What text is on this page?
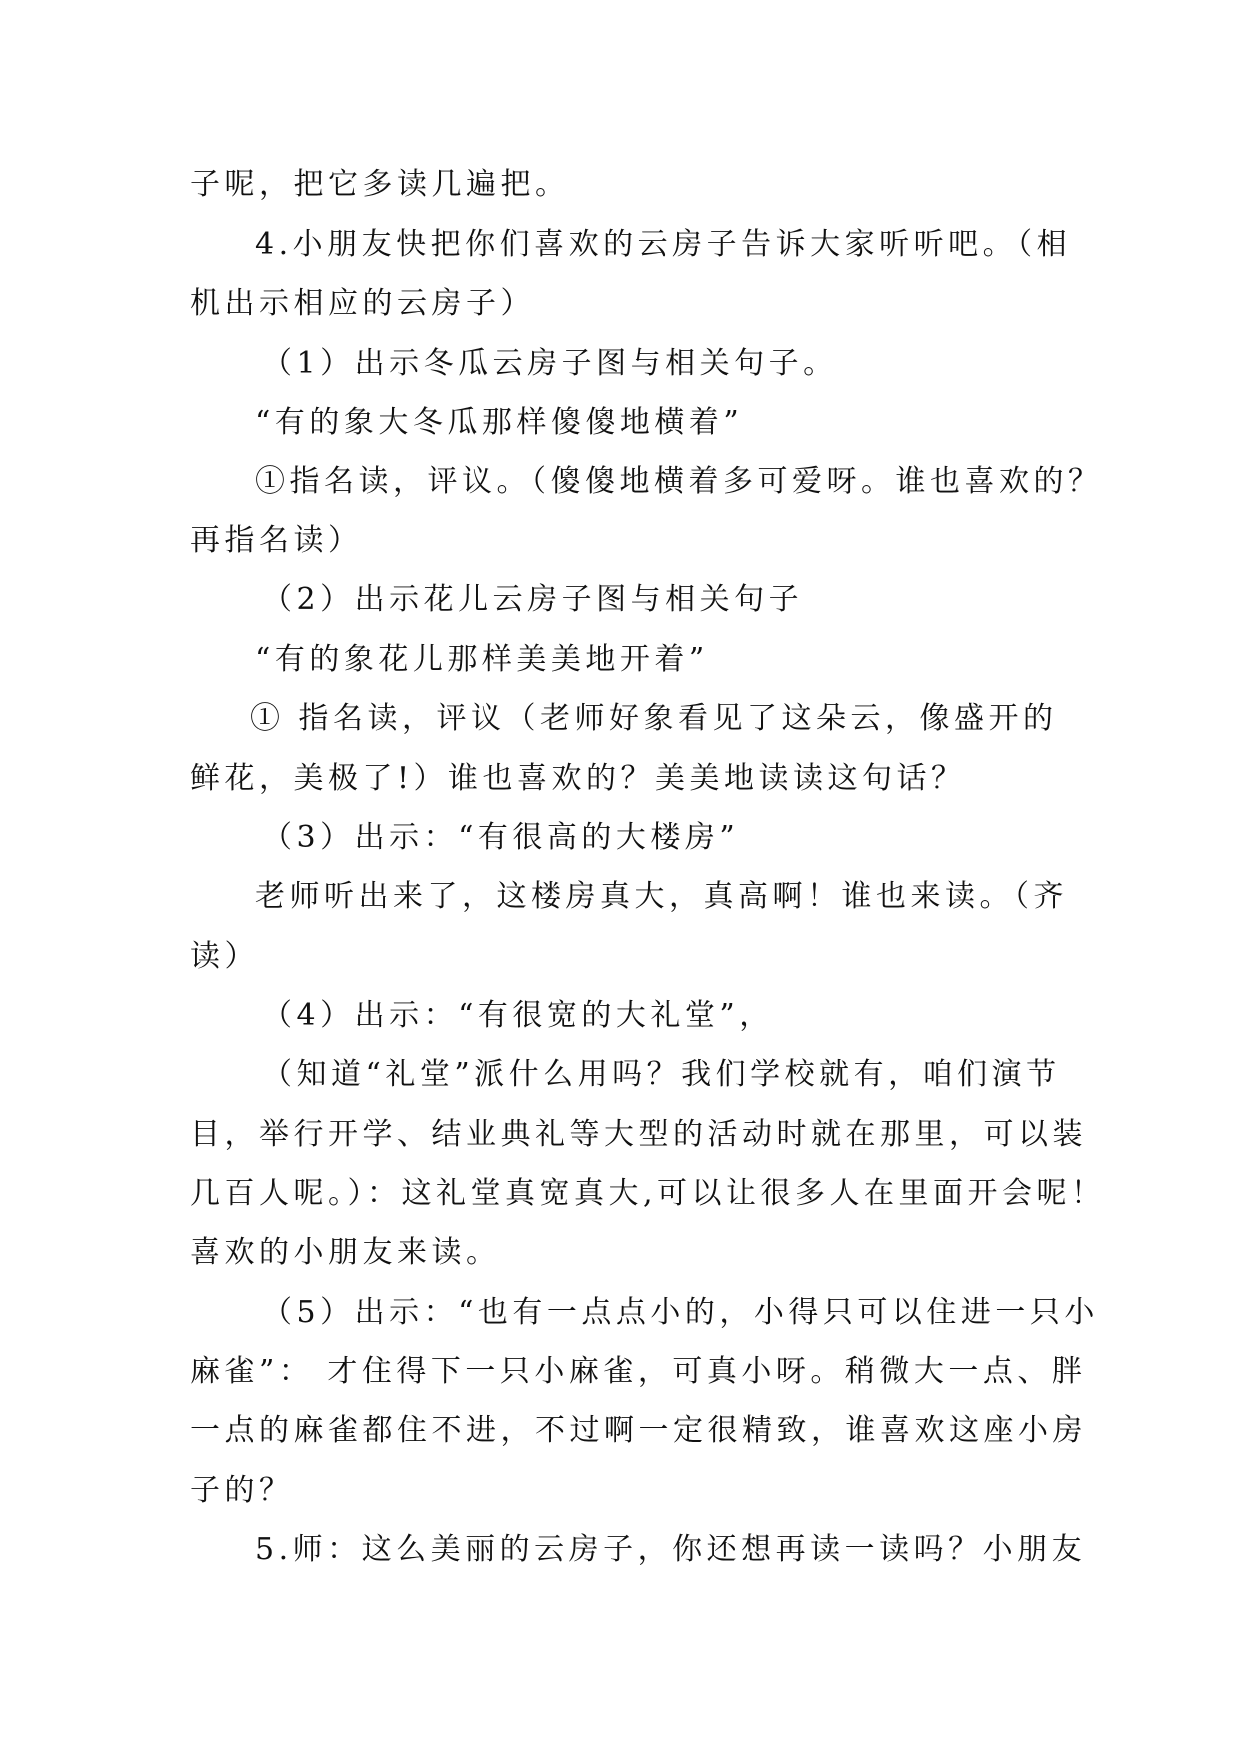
子呢，把它多读几遍把。
4.小朋友快把你们喜欢的云房子告诉大家听听吧。（相
机出示相应的云房子）
（1）出示冬瓜云房子图与相关句子。
“有的象大冬瓜那样傻傻地横着”
①指名读，评议。（傻傻地横着多可爱呀。谁也喜欢的？
再指名读）
（2）出示花儿云房子图与相关句子
“有的象花儿那样美美地开着”
① 指名读，评议（老师好象看见了这朵云，像盛开的
鲜花，美极了!）谁也喜欢的？美美地读读这句话？
（3）出示：“有很高的大楼房”
老师听出来了，这楼房真大，真高啊！谁也来读。（齐
读）
（4）出示：“有很宽的大礼堂”，
（知道“礼堂”派什么用吗？我们学校就有，咱们演节
目，举行开学、结业典礼等大型的活动时就在那里，可以装
几百人呢。）：这礼堂真宽真大,可以让很多人在里面开会呢！
喜欢的小朋友来读。
（5）出示：“也有一点点小的，小得只可以住进一只小
麻雀”： 才住得下一只小麻雀，可真小呀。稍微大一点、胖
一点的麻雀都住不进，不过啊一定很精致，谁喜欢这座小房
子的？
5.师：这么美丽的云房子，你还想再读一读吗？小朋友
